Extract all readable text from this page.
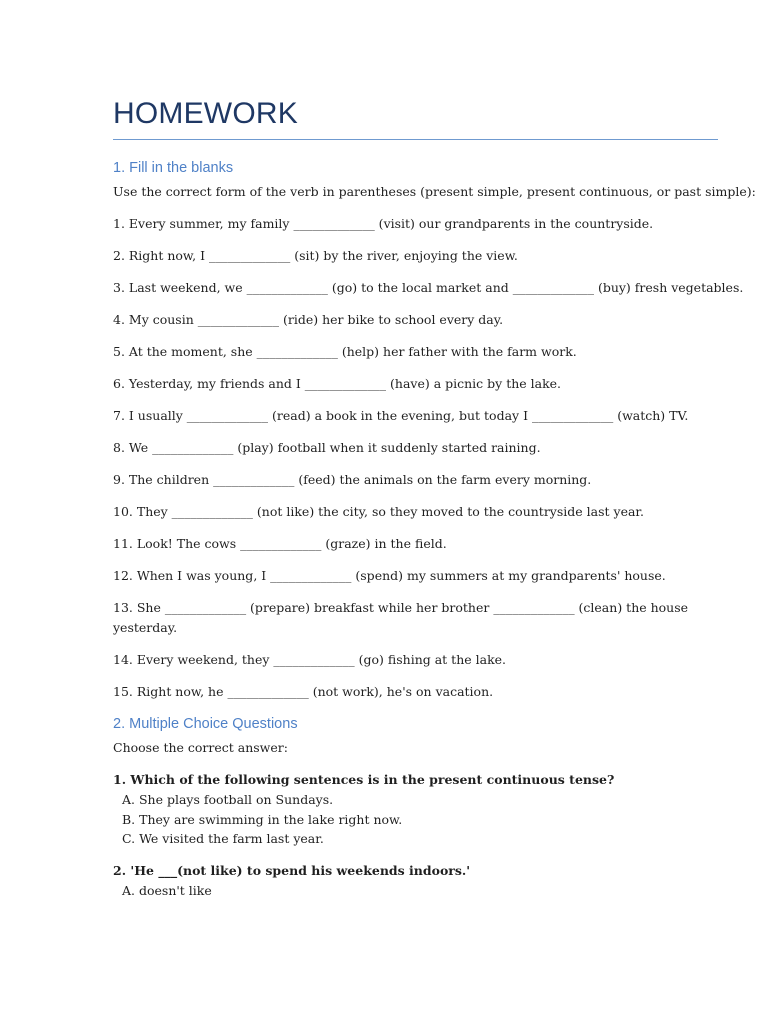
HOMEWORK

1. Fill in the blanks

Use the correct form of the verb in parentheses (present simple, present continuous, or past simple):

1. Every summer, my family _____________ (visit) our grandparents in the countryside.

2. Right now, I _____________ (sit) by the river, enjoying the view.

3. Last weekend, we _____________ (go) to the local market and _____________ (buy) fresh vegetables.

4. My cousin _____________ (ride) her bike to school every day.

5. At the moment, she _____________ (help) her father with the farm work.

6. Yesterday, my friends and I _____________ (have) a picnic by the lake.

7. I usually _____________ (read) a book in the evening, but today I _____________ (watch) TV.

8. We _____________ (play) football when it suddenly started raining.

9. The children _____________ (feed) the animals on the farm every morning.

10. They _____________ (not like) the city, so they moved to the countryside last year.

11. Look! The cows _____________ (graze) in the field.

12. When I was young, I _____________ (spend) my summers at my grandparents' house.

13. She _____________ (prepare) breakfast while her brother _____________ (clean) the house yesterday.

14. Every weekend, they _____________ (go) fishing at the lake.

15. Right now, he _____________ (not work), he's on vacation.

2. Multiple Choice Questions

Choose the correct answer:

1. Which of the following sentences is in the present continuous tense?

A. She plays football on Sundays.

B. They are swimming in the lake right now.

C. We visited the farm last year.

2. 'He ___(not like) to spend his weekends indoors.'

A. doesn't like
